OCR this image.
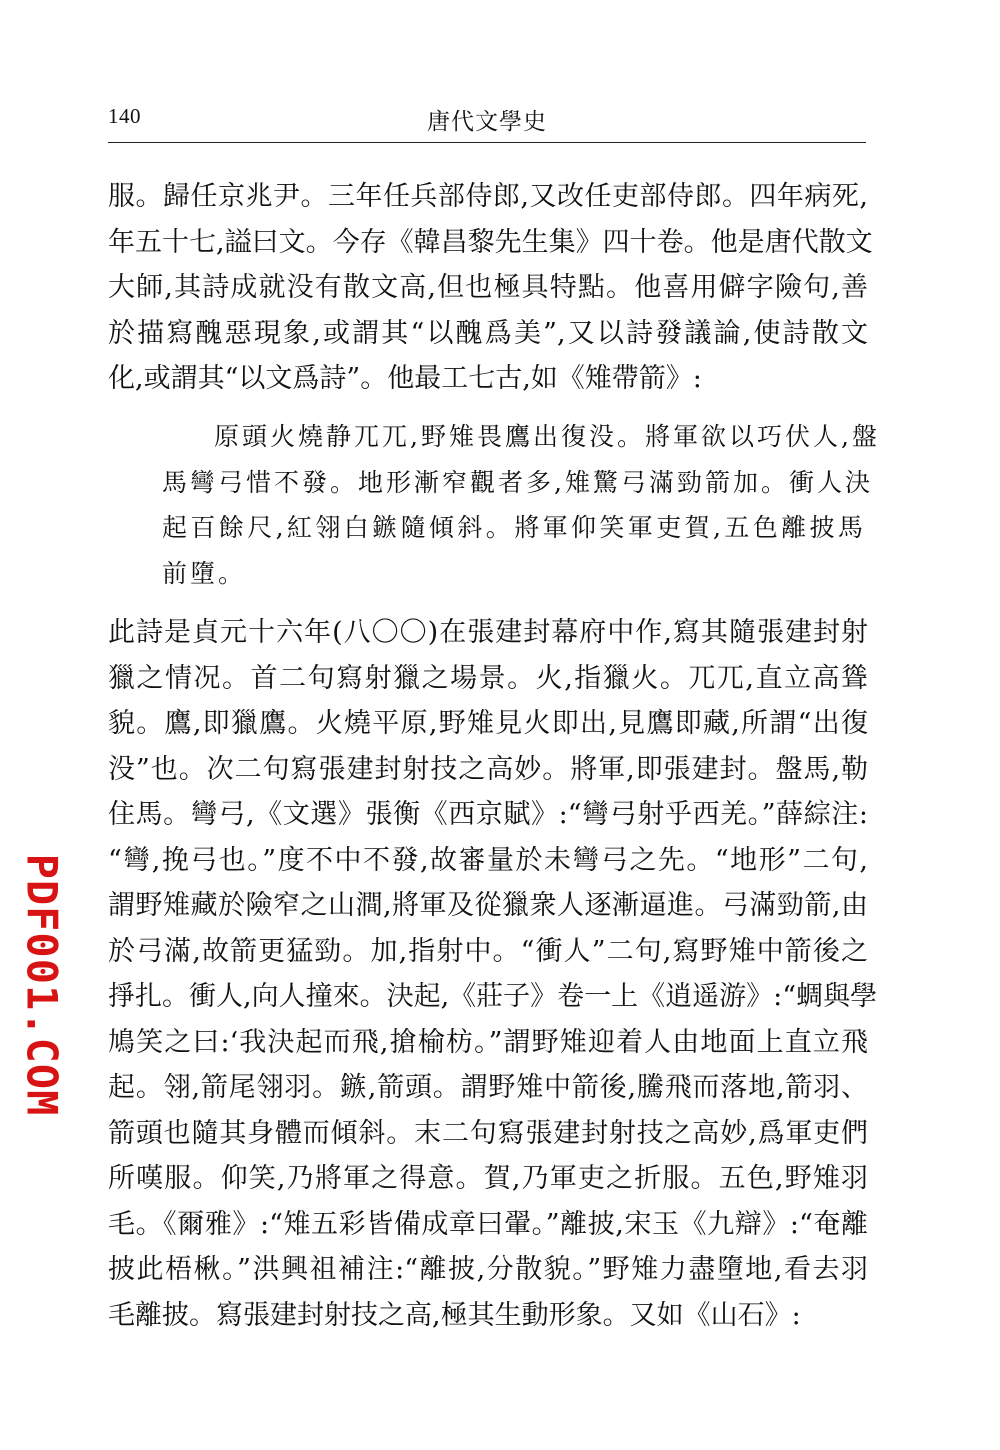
140	唐代文學史
服。歸任京兆尹。三年任兵部侍郎,又改任吏部侍郎。四年病死,
年五十七,謚曰文。今存《韓昌黎先生集》四十卷。他是唐代散文
大師,其詩成就没有散文高,但也極具特點。他喜用僻字險句,善
於描寫醜惡現象,或謂其“以醜爲美”,又以詩發議論,使詩散文
化,或謂其“以文爲詩”。他最工七古,如《雉帶箭》:
原頭火燒静兀兀,野雉畏鷹出復没。將軍欲以巧伏人,盤
馬彎弓惜不發。地形漸窄觀者多,雉驚弓滿勁箭加。衝人決
起百餘尺,紅翎白鏃隨傾斜。將軍仰笑軍吏賀,五色離披馬
前墮。
此詩是貞元十六年(八〇〇)在張建封幕府中作,寫其隨張建封射
獵之情况。首二句寫射獵之場景。火,指獵火。兀兀,直立高聳
貌。鷹,即獵鷹。火燒平原,野雉見火即出,見鷹即藏,所謂“出復
没”也。次二句寫張建封射技之高妙。將軍,即張建封。盤馬,勒
住馬。彎弓,《文選》張衡《西京賦》:“彎弓射乎西羌。”薛綜注:
“彎,挽弓也。”度不中不發,故審量於未彎弓之先。“地形”二句,
謂野雉藏於險窄之山澗,將軍及從獵衆人逐漸逼進。弓滿勁箭,由
於弓滿,故箭更猛勁。加,指射中。“衝人”二句,寫野雉中箭後之
掙扎。衝人,向人撞來。決起,《莊子》卷一上《逍遥游》:“蜩與學
鳩笑之曰:‘我決起而飛,搶榆枋。”謂野雉迎着人由地面上直立飛
起。翎,箭尾翎羽。鏃,箭頭。謂野雉中箭後,騰飛而落地,箭羽、
箭頭也隨其身體而傾斜。末二句寫張建封射技之高妙,爲軍吏們
所嘆服。仰笑,乃將軍之得意。賀,乃軍吏之折服。五色,野雉羽
毛。《爾雅》:“雉五彩皆備成章曰翬。”離披,宋玉《九辯》:“奄離
披此梧楸。”洪興祖補注:“離披,分散貌。”野雉力盡墮地,看去羽
毛離披。寫張建封射技之高,極其生動形象。又如《山石》:
PDF001.COM
